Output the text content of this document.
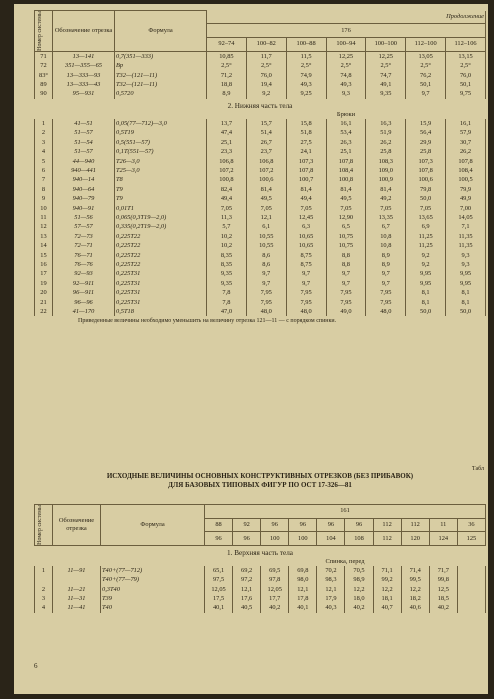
Номер системы	Обозначение отрезка	Формула	Продолжение						
			176						
			92–74	100–82	100–88	100–94	100–100	112–100	112–106
71	13—141	0,7(351—333)	10,85	11,7	11,5	12,25	12,25	13,05	13,15
72	351—355—65	Вр	2,5°	2,5°	2,5°	2,5°	2,5°	2,5°	2,5°
83°	13—333—93	Т32—(121—11)	71,2	76,0	74,9	74,8	74,7	76,2	76,0
89	13—333—43	Т32—(121—11)	18,8	19,4	49,3	49,3	49,1	50,1	50,1
90	95—931	0,5720	8,9	9,2	9,25	9,3	9,35	9,7	9,75
2. Нижняя часть тела
			Брюки						
1	41—51	0,05(77—712)—3,0	13,7	15,7	15,8	16,1	16,3	15,9	16,1
2	51—57	0,5Т19	47,4	51,4	51,8	53,4	51,9	56,4	57,9
3	51—54	0,5(551—57)	25,1	26,7	27,5	26,3	26,2	29,9	30,7
4	51—57	0,1Т(551—57)	23,3	23,7	24,1	25,1	25,8	25,8	26,2
5	44—940	Т26—3,0	106,8	106,8	107,3	107,8	108,3	107,3	107,8
6	940—441	Т25—3,0	107,2	107,2	107,8	108,4	109,0	107,8	108,4
7	940—14	Т8	100,8	100,6	100,7	100,8	100,9	100,6	100,5
8	940—64	Т9	82,4	81,4	81,4	81,4	81,4	79,8	79,9
9	940—79	Т9	49,4	49,5	49,4	49,5	49,2	50,0	49,9
10	940—91	0,01Т1	7,05	7,05	7,05	7,05	7,05	7,05	7,00
11	51—56	0,065(0,3Т19—2,0)	11,3	12,1	12,45	12,90	13,35	13,65	14,05
12	57—57	0,335(0,2Т19—2,0)	5,7	6,1	6,3	6,5	6,7	6,9	7,1
13	72—73	0,225Т22	10,2	10,55	10,65	10,75	10,8	11,25	11,35
14	72—71	0,225Т22	10,2	10,55	10,65	10,75	10,8	11,25	11,35
15	76—71	0,225Т22	8,35	8,6	8,75	8,8	8,9	9,2	9,3
16	76—76	0,225Т22	8,35	8,6	8,75	8,8	8,9	9,2	9,3
17	92—93	0,225Т31	9,35	9,7	9,7	9,7	9,7	9,95	9,95
19	92—911	0,225Т31	9,35	9,7	9,7	9,7	9,7	9,95	9,95
20	96—911	0,225Т31	7,8	7,95	7,95	7,95	7,95	8,1	8,1
21	96—96	0,225Т31	7,8	7,95	7,95	7,95	7,95	8,1	8,1
22	41—170	0,5Т18	47,0	48,0	48,0	49,0	48,0	50,0	50,0
Приведенные величины необходимо уменьшить на величину отрезка 121—11 — с порядком спинки.
Табл
ИСХОДНЫЕ ВЕЛИЧИНЫ ОСНОВНЫХ КОНСТРУКТИВНЫХ ОТРЕЗКОВ (БЕЗ ПРИБАВОК)
ДЛЯ БАЗОВЫХ ТИПОВЫХ ФИГУР ПО ОСТ 17-326—81
Номер системы	Обозначение отрезка	Формула	161									
			88	92	96	96	96	96	112	112	11	36
			96	96	100	100	104	108	112	120	124	125
1. Верхняя часть тела
			Спинка, перед									
1	11—91	Т40+(77—712)	65,1	69,2	69,5	69,8	70,2	70,5	71,1	71,4	71,7	
		Т40+(77—79)	97,5	97,2	97,8	98,0	98,3	98,9	99,2	99,5	99,8	
2	11—21	0,3Т40	12,05	12,1	12,05	12,1	12,1	12,2	12,2	12,2	12,5	
3	11—31	Т39	17,5	17,6	17,7	17,8	17,9	18,0	18,1	18,2	18,5	
4	11—41	Т40	40,1	40,5	40,2	40,1	40,3	40,2	40,7	40,6	40,2	
6
